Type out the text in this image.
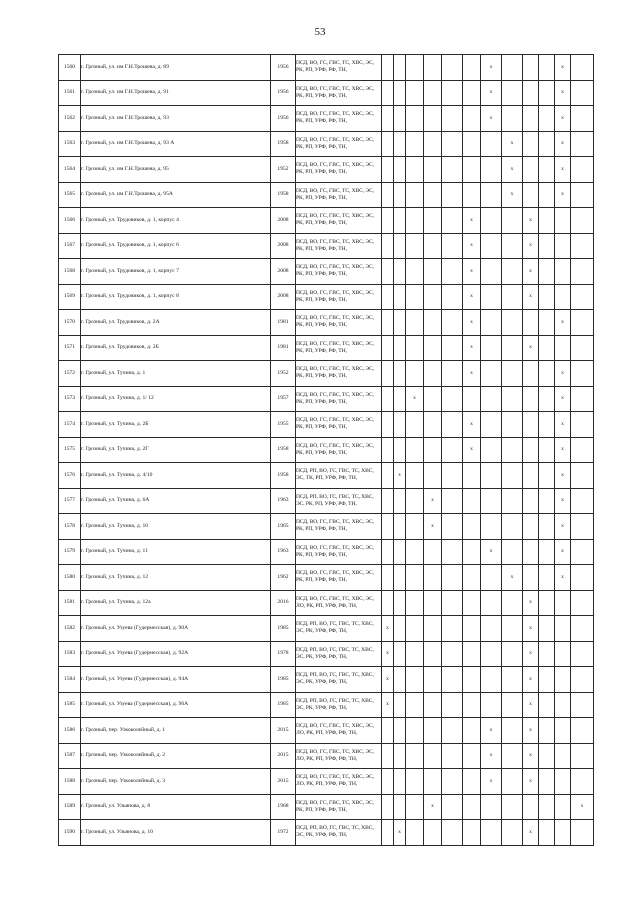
53
1560	г. Грозный, ул. им Г.Н.Трошева, д. 89	1956	ПСД, ВО, ГС, ГВС, ТС, ХВС, ЭС, РК, РП, УРФ, РФ, ТН,							x				x	
1561	г. Грозный, ул. им Г.Н.Трошева, д. 91	1956	ПСД, ВО, ГС, ГВС, ТС, ХВС, ЭС, РК, РП, УРФ, РФ, ТН,							x				x	
1562	г. Грозный, ул. им Г.Н.Трошева, д. 93	1956	ПСД, ВО, ГС, ГВС, ТС, ХВС, ЭС, РК, РП, УРФ, РФ, ТН,							x				x	
1563	г. Грозный, ул. им Г.Н.Трошева, д. 93 А	1958	ПСД, ВО, ГС, ГВС, ТС, ХВС, ЭС, РК, РП, УРФ, РФ, ТН,								x			x	
1564	г. Грозный, ул. им Г.Н.Трошева, д. 95	1952	ПСД, ВО, ГС, ГВС, ТС, ХВС, ЭС, РК, РП, УРФ, РФ, ТН,								x			x	
1565	г. Грозный, ул. им Г.Н.Трошева, д. 95А	1958	ПСД, ВО, ГС, ГВС, ТС, ХВС, ЭС, РК, РП, УРФ, РФ, ТН,								x			x	
1566	г. Грозный, ул. Трудовиков, д. 1, корпус 4	2008	ПСД, ВО, ГС, ГВС, ТС, ХВС, ЭС, РК, РП, УРФ, РФ, ТН,						x			x			
1567	г. Грозный, ул. Трудовиков, д. 1, корпус 6	2008	ПСД, ВО, ГС, ГВС, ТС, ХВС, ЭС, РК, РП, УРФ, РФ, ТН,						x			x			
1568	г. Грозный, ул. Трудовиков, д. 1, корпус 7	2008	ПСД, ВО, ГС, ГВС, ТС, ХВС, ЭС, РК, РП, УРФ, РФ, ТН,						x			x			
1569	г. Грозный, ул. Трудовиков, д. 1, корпус 8	2008	ПСД, ВО, ГС, ГВС, ТС, ХВС, ЭС, РК, РП, УРФ, РФ, ТН,						x			x			
1570	г. Грозный, ул. Трудовиков, д. 2А	1981	ПСД, ВО, ГС, ГВС, ТС, ХВС, ЭС, РК, РП, УРФ, РФ, ТН,						x					x	
1571	г. Грозный, ул. Трудовиков, д. 2Б	1981	ПСД, ВО, ГС, ГВС, ТС, ХВС, ЭС, РК, РП, УРФ, РФ, ТН,						x			x			
1572	г. Грозный, ул. Тучина, д. 1	1952	ПСД, ВО, ГС, ГВС, ТС, ХВС, ЭС, РК, РП, УРФ, РФ, ТН,						x					x	
1573	г. Грозный, ул. Тучина, д. 1/ 12	1957	ПСД, ВО, ГС, ГВС, ТС, ХВС, ЭС, РК, РП, УРФ, РФ, ТН,			x								x	
1574	г. Грозный, ул. Тучина, д. 2Б	1955	ПСД, ВО, ГС, ГВС, ТС, ХВС, ЭС, РК, РП, УРФ, РФ, ТН,						x					x	
1575	г. Грозный, ул. Тучина, д. 2Г	1958	ПСД, ВО, ГС, ГВС, ТС, ХВС, ЭС, РК, РП, УРФ, РФ, ТН,						x					x	
1576	г. Грозный, ул. Тучина, д. 4/10	1958	ПСД, РП, ВО, ГС, ГВС, ТС, ХВС, ЭС, ТК, РП, УРФ, РФ, ТН,		x									x	
1577	г. Грозный, ул. Тучина, д. 6А	1963	ПСД, РП, ВО, ГС, ГВС, ТС, ХВС, ЭС, РК, РП, УРФ, РФ, ТН,				x							x	
1578	г. Грозный, ул. Тучина, д. 10	1965	ПСД, ВО, ГС, ГВС, ТС, ХВС, ЭС, РК, РП, УРФ, РФ, ТН,				x							x	
1579	г. Грозный, ул. Тучина, д. 11	1963	ПСД, ВО, ГС, ГВС, ТС, ХВС, ЭС, РК, РП, УРФ, РФ, ТН,							x				x	
1580	г. Грозный, ул. Тучина, д. 12	1962	ПСД, ВО, ГС, ГВС, ТС, ХВС, ЭС, РК, РП, УРФ, РФ, ТН,								x			x	
1581	г. Грозный, ул. Тучина, д. 12а	2016	ПСД, ВО, ГС, ГВС, ТС, ХВС, ЭС, ЛО, РК, РП, УРФ, РФ, ТН,									x			
1582	г. Грозный, ул. Узуева (Гудермесская), д. 90А	1985	ПСД, РП, ВО, ГС, ГВС, ТС, ХВС, ЭС, РК, УРФ, РФ, ТН,	x								x			
1583	г. Грозный, ул. Узуева (Гудермесская), д. 92А	1978	ПСД, РП, ВО, ГС, ГВС, ТС, ХВС, ЭС, РК, УРФ, РФ, ТН,	x								x			
1584	г. Грозный, ул. Узуева (Гудермесская), д. 94А	1985	ПСД, РП, ВО, ГС, ГВС, ТС, ХВС, ЭС, РК, УРФ, РФ, ТН,	x								x			
1585	г. Грозный, ул. Узуева (Гудермесская), д. 96А	1985	ПСД, РП, ВО, ГС, ГВС, ТС, ХВС, ЭС, РК, УРФ, РФ, ТН,	x								x			
1586	г. Грозный, пер. Узкоколейный, д. 1	2015	ПСД, ВО, ГС, ГВС, ТС, ХВС, ЭС, ЛО, РК, РП, УРФ, РФ, ТН,							x		x			
1587	г. Грозный, пер. Узкоколейный, д. 2	2015	ПСД, ВО, ГС, ГВС, ТС, ХВС, ЭС, ЛО, РК, РП, УРФ, РФ, ТН,							x		x			
1588	г. Грозный, пер. Узкоколейный, д. 3	2015	ПСД, ВО, ГС, ГВС, ТС, ХВС, ЭС, ЛО, РК, РП, УРФ, РФ, ТН,							x		x			
1589	г. Грозный, ул. Ульянова, д. 8	1968	ПСД, ВО, ГС, ГВС, ТС, ХВС, ЭС, РК, РП, УРФ, РФ, ТН,				x								x
1590	г. Грозный, ул. Ульянова, д. 10	1972	ПСД, РП, ВО, ГС, ГВС, ТС, ХВС, ЭС, РК, УРФ, РФ, ТН,		x							x			
